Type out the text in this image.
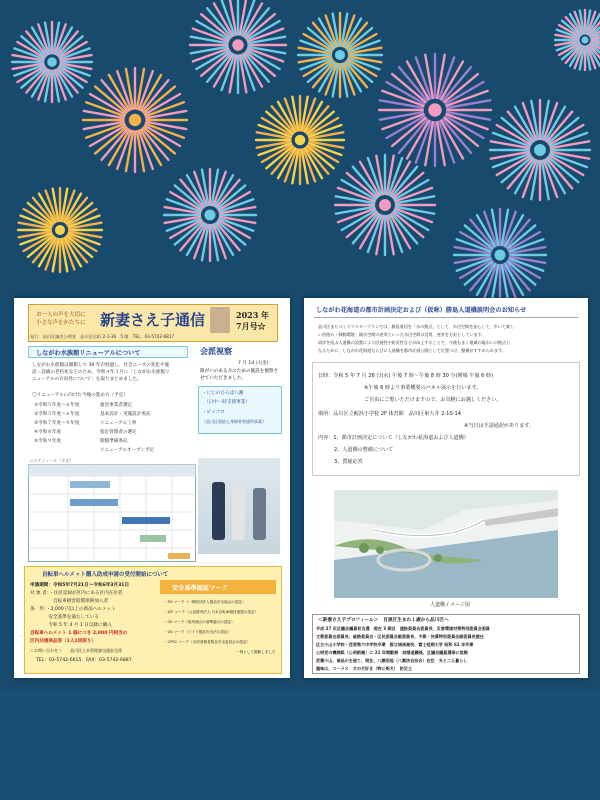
お一人の声を大切に

小さな声をかたちに 新妻さえ子通信	2023 年

7月号☆

発行：品川区議会公明党　品川区広町 2-1-36　5 階　TEL：03-5742-6817

しながわ水族館リニューアルについて

しながわ水族館は開館して 30 年が経過し、社会ニーズの変化や施

設・設備の老朽化などのため、令和４年３月に「しながわ水族館リ

ニューアルの方向性について」を取りまとめました。

〇リニューアルに向けた今後の進め方（予定）

①令和５年度～６年度	運営事業者選定

②令和５年度～６年度	基本設計・実施設計委託

③令和７年度～９年度	リニューアル工事

④令和８年度	指定管理者の選定

⑤令和９年度	開館準備委託

リニューアルオープン予定

○スケジュール（予定）

会派視察

7 月 14 日(金)

障がいのある方のための施設を視察させていただきました。

・にじのひろば八潮

（日中一時支援事業）

・ピッコロ

（品川区重症心身障害者通所事業）

自転車ヘルメット購入助成申請の受付開始について

申請期間：令和5年7月21日～令和6年3月31日

対 象 者：・住民登録が区内にある区内在住者

　　　　　自転車損害賠償保険加入者

条　件：・2,000 円以上の新品ヘルメット

　　　　安全基準を満たしている

　　　　令和 5 年 4 月 1 日以降に購入

自転車ヘルメット 1 個につき 2,000 円相当の

区内共通商品券（1人1回限り）

＜お問い合わせ＞　　品川区土木管理課交通安全係

TEL：03-5742-6615　FAX：03-5742-6887

安全基準認証マーク

・SG マーク（一般財団法人製品安全協会の認証）

・JCF マーク（公益財団法人 日本自転車競技連盟の認証）

・CE マーク（欧州連合の基準適合の認証）

・GS マーク（ドイツ製品安全法の認証）

・CPSC マーク（米国消費者製品安全委員会の認証）

一例として掲載しました

しながわ花海道の都市計画決定および（仮称）勝島人道橋説明会のお知らせ

品川区まちづくりマスタープランでは、勝島運河を「水の拠点」として、水辺空間を安心して、歩いて楽し

い回遊み・移動環境・親水空間の充実といった水辺空間の活用、充実を方針としています。

両岸を結ぶ人道橋の設置により回遊性や防災性などが向上することで、今後もまく地域の賑わいの拠点と

なるために、しながわ花海道ならびに人道橋を都市計画公園として位置づけ、整備がすすめられます。

日時：令和 5 年 7 月 26 日(水) 午後 7 時～午後 8 時 30 分(開場 午後 6 時)

※午後 6 時より事業概要のパネル展示を行います。

ご自由にご覧いただけますので、お気軽にお越しください。

場所：品川区立鮫浜小学校 2F 体育館　品川区東大井 2-10-14

※当日は手話通訳があります。

内容：1、都市計画決定について（しながわ花海道および人道橋）

2、人道橋の整備について

3、質疑応答

人道橋イメージ図

＜新妻さえ子プロフィール＞　目黒区生まれ１歳から品川区へ

平成 27 年区議会議員初当選　現在 3 期目　建設委員会委員長、災害環境対策特別委員会委員

文教委員会委員長、総務委員会・区民委員会副委員長、予算・決算特別委員会副委員長歴任

区立小山小学校・荏原第六中学校卒業　都立城南高校、富士短期大学 昭和 61 年卒業

公明党の機関紙（公明新聞）に 21 年間勤務　結婚退職後、区議会議員選挙に挑戦

武蔵小山、南品川を経て、現在、八潮団地（八潮決自治会）在住　夫と二人暮らし

趣味は、コーラス　犬の犬好き（特に柴犬）　防災士
